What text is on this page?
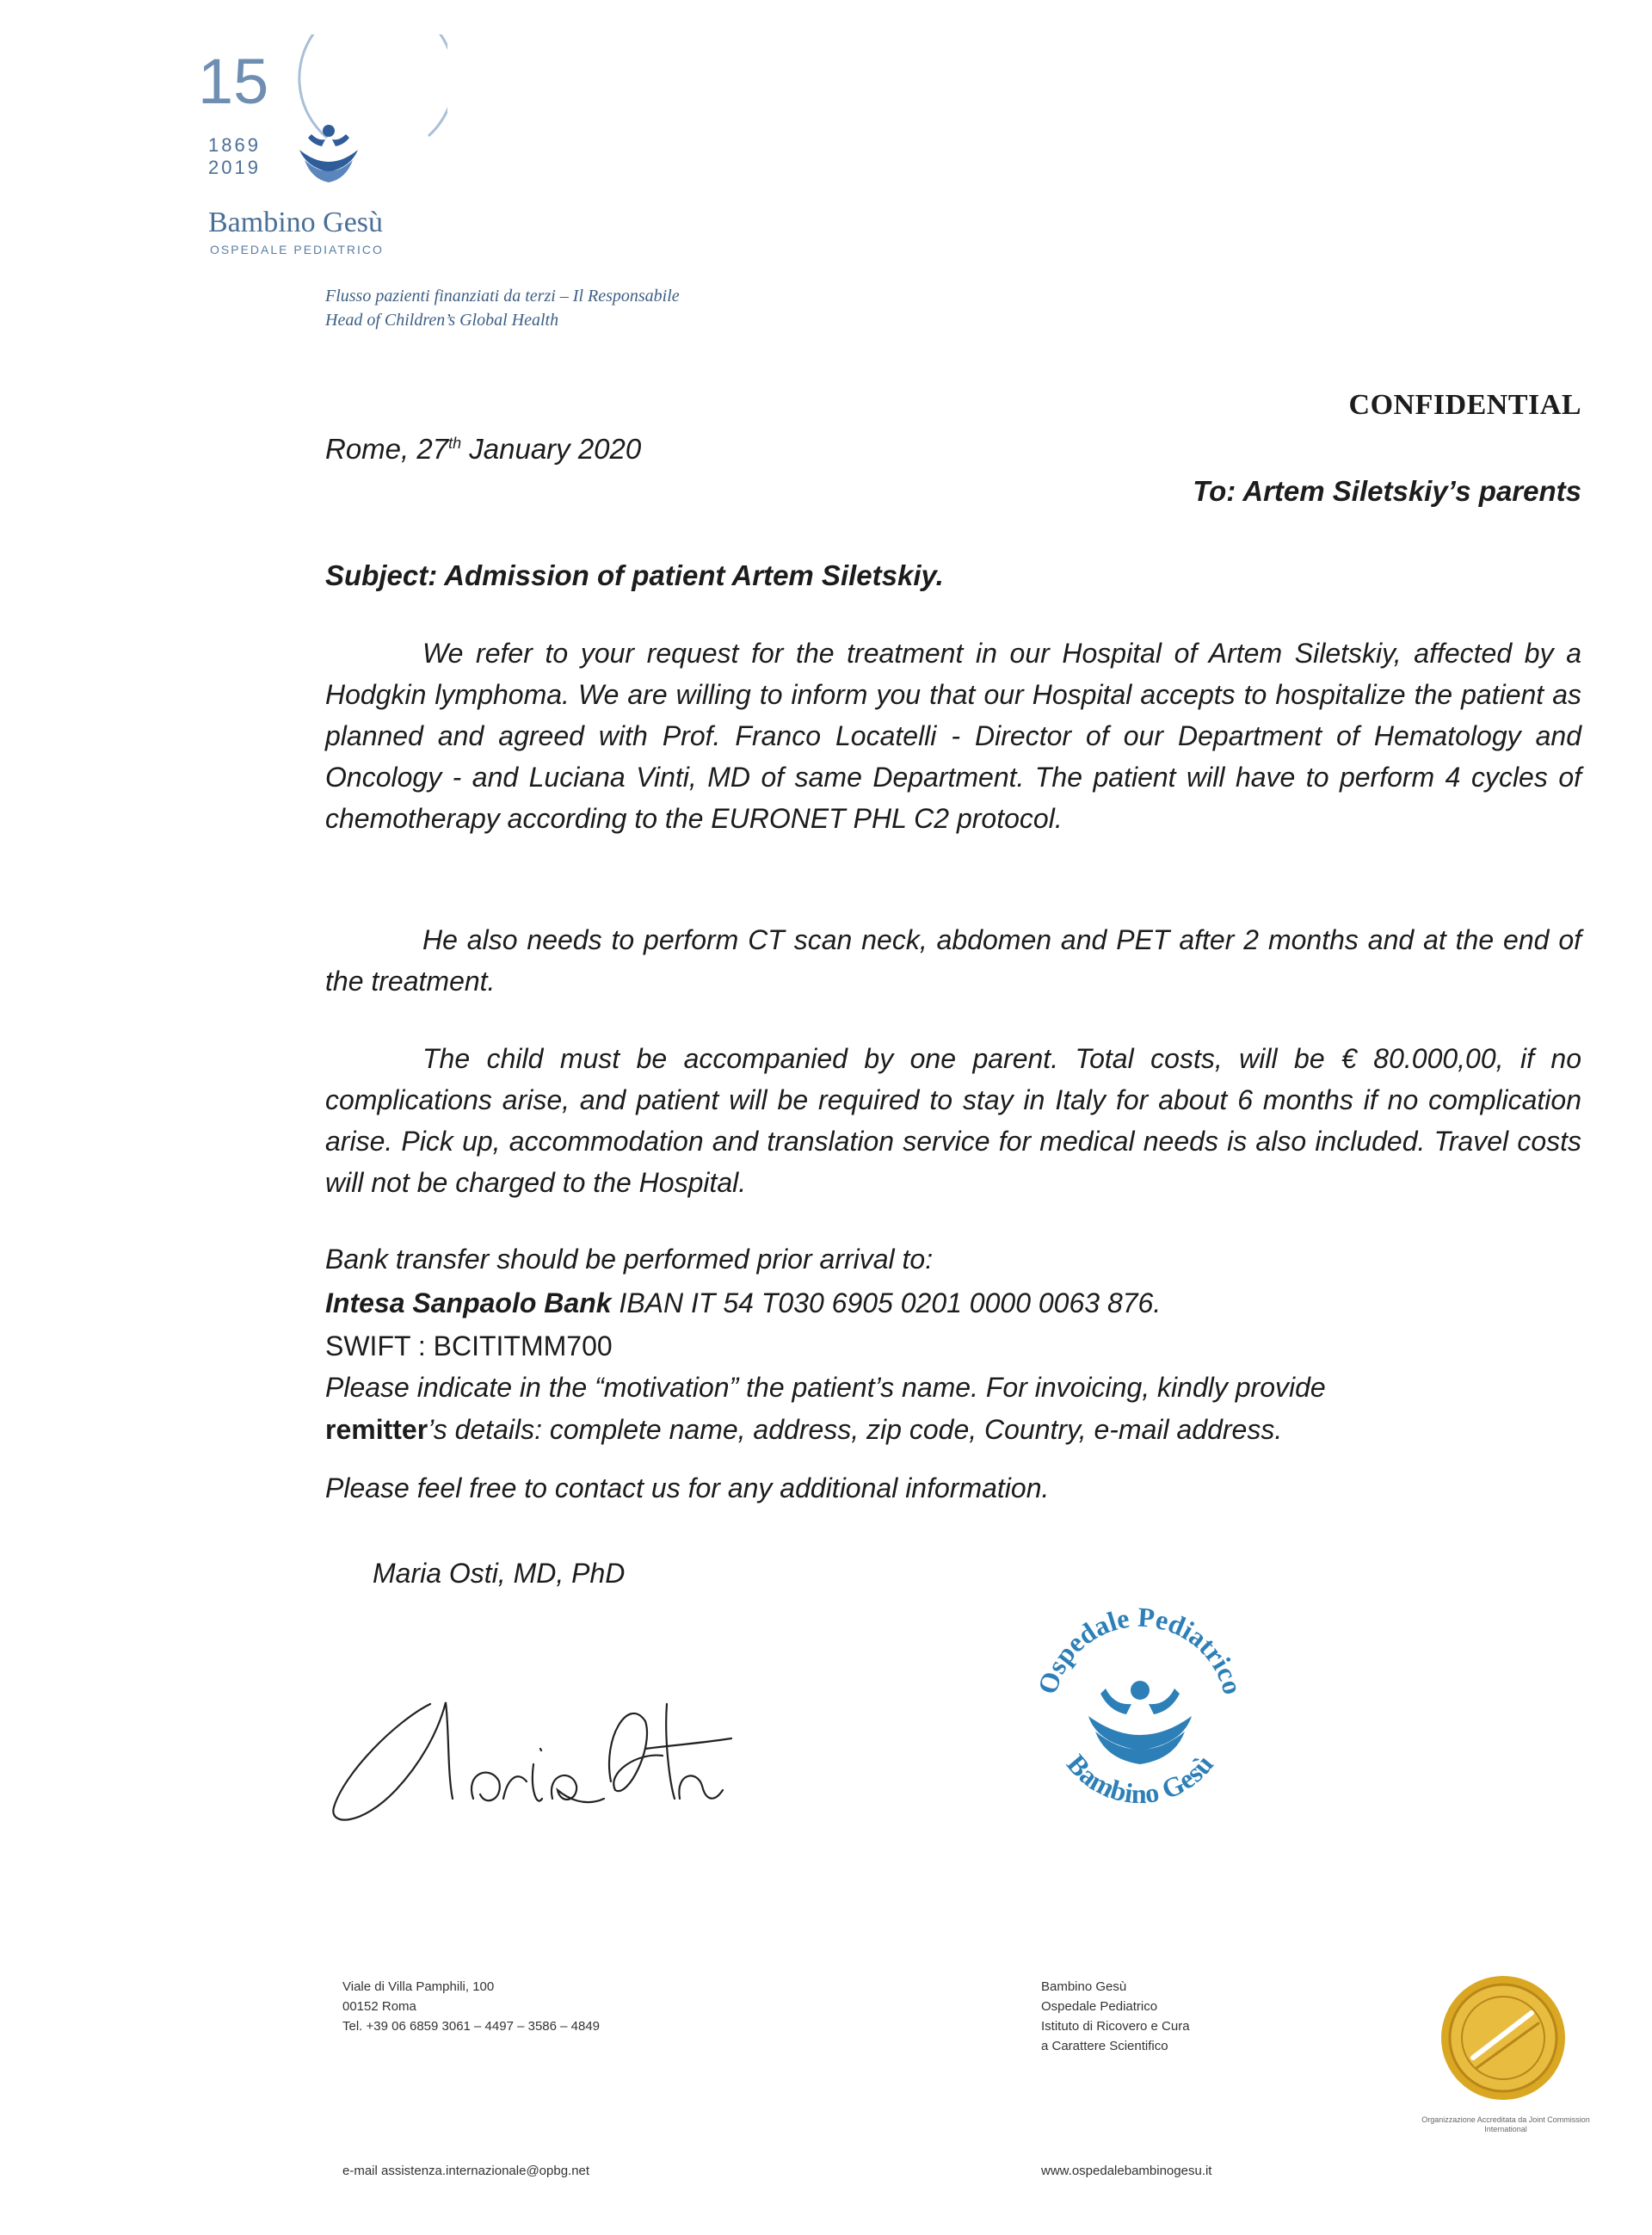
15
1869
2019
Bambino Gesù
OSPEDALE PEDIATRICO
Flusso pazienti finanziati da terzi – Il Responsabile
Head of Children’s Global Health
CONFIDENTIAL
Rome, 27th January 2020
To: Artem Siletskiy’s parents
Subject: Admission of patient Artem Siletskiy.

We refer to your request for the treatment in our Hospital of Artem Siletskiy, affected by a Hodgkin lymphoma. We are willing to inform you that our Hospital accepts to hospitalize the patient as planned and agreed with Prof. Franco Locatelli - Director of our Department of Hematology and Oncology - and Luciana Vinti, MD of same Department. The patient will have to perform 4 cycles of chemotherapy according to the EURONET PHL C2 protocol.

He also needs to perform CT scan neck, abdomen and PET after 2 months and at the end of the treatment.

The child must be accompanied by one parent. Total costs, will be € 80.000,00, if no complications arise, and patient will be required to stay in Italy for about 6 months if no complication arise. Pick up, accommodation and translation service for medical needs is also included. Travel costs will not be charged to the Hospital.

Bank transfer should be performed prior arrival to:
Intesa Sanpaolo Bank IBAN IT 54 T030 6905 0201 0000 0063 876.
SWIFT : BCITITMM700
Please indicate in the “motivation” the patient’s name. For invoicing, kindly provide
remitter’s details: complete name, address, zip code, Country, e-mail address.
Please feel free to contact us for any additional information.
Maria Osti, MD, PhD
Ospedale Pediatrico
Bambino Gesù
Viale di Villa Pamphili, 100
00152 Roma
Tel. +39 06 6859 3061 – 4497 – 3586 – 4849
Bambino Gesù
Ospedale Pediatrico
Istituto di Ricovero e Cura
a Carattere Scientifico
Organizzazione Accreditata da Joint Commission International
e-mail assistenza.internazionale@opbg.net	www.ospedalebambinogesu.it
